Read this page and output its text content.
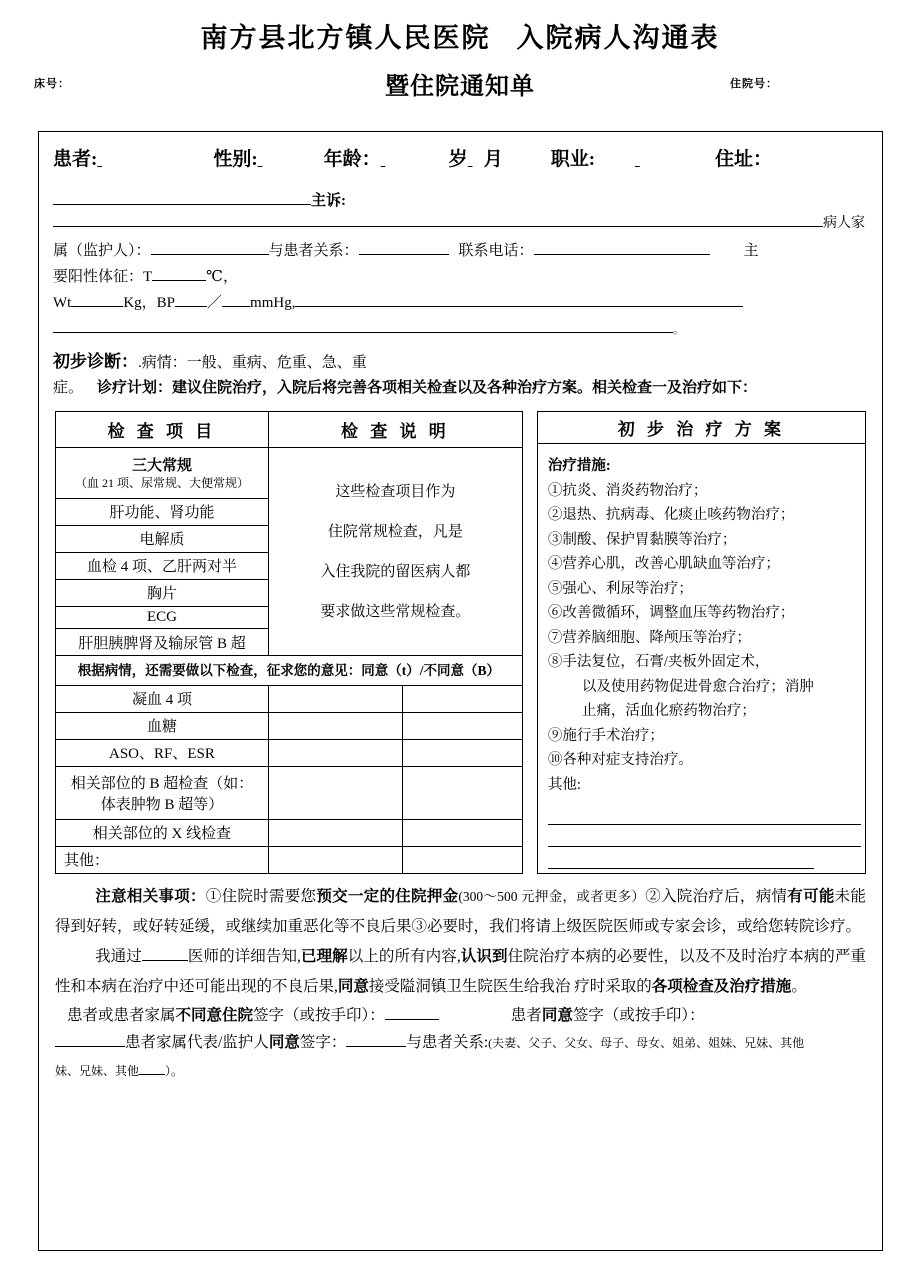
南方县北方镇人民医院 入院病人沟通表
暨住院通知单
床号：	住院号：
患者:	性别:	年龄：	岁 月	职业:	住址：
主诉:
病人家
属（监护人）：	与患者关系：	联系电话：	主
要阳性体征：T	℃，
Wt	Kg，BP ／ mmHg,
。
初步诊断：.病情：一般、重病、危重、急、重
症。 诊疗计划：建议住院治疗，入院后将完善各项相关检查以及各种治疗方案。相关检查一及治疗如下：
检 查 项 目	检 查 说 明	

三大常规
（血 21 项、尿常规、大便常规）

这些检查项目作为
住院常规检查，凡是
入住我院的留医病人都
要求做这些常规检查。

肝功能、肾功能		
电解质		
血检 4 项、乙肝两对半		
胸片		
ECG		
肝胆胰脾肾及输尿管 B 超		
根据病情，还需要做以下检查，征求您的意见：同意（t）/不同意（B）		
凝血 4 项		
血糖		
ASO、RF、ESR		

相关部位的 B 超检查（如：
体表肿物 B 超等）		

相关部位的 X 线检查		
其他：		
初 步 治 疗 方 案
治疗措施:
①抗炎、消炎药物治疗；
②退热、抗病毒、化痰止咳药物治疗；
③制酸、保护胃黏膜等治疗；
④营养心肌，改善心肌缺血等治疗；
⑤强心、利尿等治疗；
⑥改善微循环，调整血压等药物治疗；
⑦营养脑细胞、降颅压等治疗；
⑧手法复位，石膏/夹板外固定术，
以及使用药物促进骨愈合治疗；消肿
止痛，活血化瘀药物治疗；
⑨施行手术治疗；
⑩各种对症支持治疗。
其他:
注意相关事项：①住院时需要您预交一定的住院押金(300～500 元押金，或者更多）②入院治疗后，病情有可能未能得到好转，或好转延缓，或继续加重恶化等不良后果③必要时，我们将请上级医院医师或专家会诊，或给您转院诊疗。
我通过	医师的详细告知,已理解以上的所有内容,认识到住院治疗本病的必要性，以及不及时治疗本病的严重性和本病在治疗中还可能出现的不良后果,同意接受隘洞镇卫生院医生给我治 疗时采取的各项检查及治疗措施。
患者或患者家属不同意住院签字（或按手印）：	患者同意签字（或按手印）：
患者家属代表/监护人同意签字：	与患者关系:(夫妻、父子、父女、母子、母女、姐弟、姐妹、兄妹、其他
妹、兄妹、其他 ）。
